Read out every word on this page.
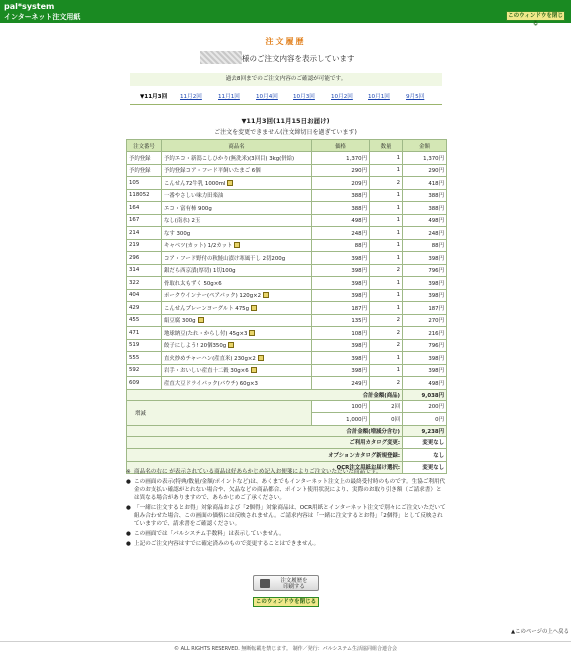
pal*system
インターネット注文用紙	このウィンドウを閉じる
注文履歴
様のご注文内容を表示しています
過去8回までのご注文内容のご確認が可能です。
▼11月3回 11月2回	11月1回	10月4回	10月3回	10月2回	10月1回	9月5回
▼11月3回(11月15日お届け)
ご注文を変更できません(注文締切日を過ぎています)
注文番号	商品名	価格	数量	金額
予約登録	予約エコ・新潟こしひかり(無洗米)(3回目) 3kg(併給)	1,370円	1	1,370円
予約登録	予約登録コア・フード平飼いたまご 6個	290円	1	290円
105	こんせん72牛乳 1000ml	209円	2	418円
118052	一番やさしい味力田楽油	388円	1	388円
164	エコ・富有柿 900g	388円	1	388円
167	なし(南水) 2玉	498円	1	498円
214	なす 300g	248円	1	248円
219	キャベツ(カット) 1/2カット	88円	1	88円
296	コア・フード野付の秋鮭山漬け寒風干し 2切200g	398円	1	398円
314	銀だら西京漬(厚切) 1切100g	398円	2	796円
322	骨取れ太もずく 50g×6	398円	1	398円
404	ポークウインナー(ペアパック) 120g×2	398円	1	398円
429	こんせんプレーンヨーグルト 475g	187円	1	187円
455	絹豆腐 300g	135円	2	270円
471	地球納豆(たれ・からし付) 45g×3	108円	2	216円
519	餃子にしよう! 20個350g	398円	2	796円
555	直火炒めチャーハン(産直米) 230g×2	398円	1	398円
592	岩手・おいしい産直十二穀 30g×6	398円	1	398円
609	産直大豆ドライパック(パウチ) 60g×3	249円	2	498円
合計金額(商品)				9,038円
増減		100円	2回	200円
		1,000円	0回	0円
合計金額(増減分含む)				9,238円
ご利用カタログ変更:				変更なし
オプションカタログ新規登録:				なし
OCR注文用紙お届け選択:				変更なし
※ 商品名の右に が表示されている商品は好あらかじめ記入お便箋によりご注文いただいた商品です。
● この画面の表示(特典/数量/金額/ポイントなど)は、あくまでもインターネット注文上の最終受付時のものです。生協ご利用代金のお支払い確認がとれない場合や、欠品などの商品都合、ポイント使用状況により、実際のお取り引き額（ご請求書）とは異なる場合がありますので、あらかじめご了承ください。
● 「一緒に注文するとお得」対象商品および「2個得」対象商品は、OCR用紙とインターネット注文で別々にご注文いただいて組み合わせた場合、この画面の価格には反映されません。ご請求内容は「一緒に注文するとお得」「2個得」として反映されていますので、請求書をご確認ください。
● この画面では「パルシステム手数料」は表示していません。
● 上記のご注文内容はすでに確定済みのもので変更することはできません。
注文履歴を
印刷する
このウィンドウを閉じる
▲このページの上へ戻る
© ALL RIGHTS RESERVED. 無断転載を禁じます。 制作／発行：パルシステム生活協同組合連合会
